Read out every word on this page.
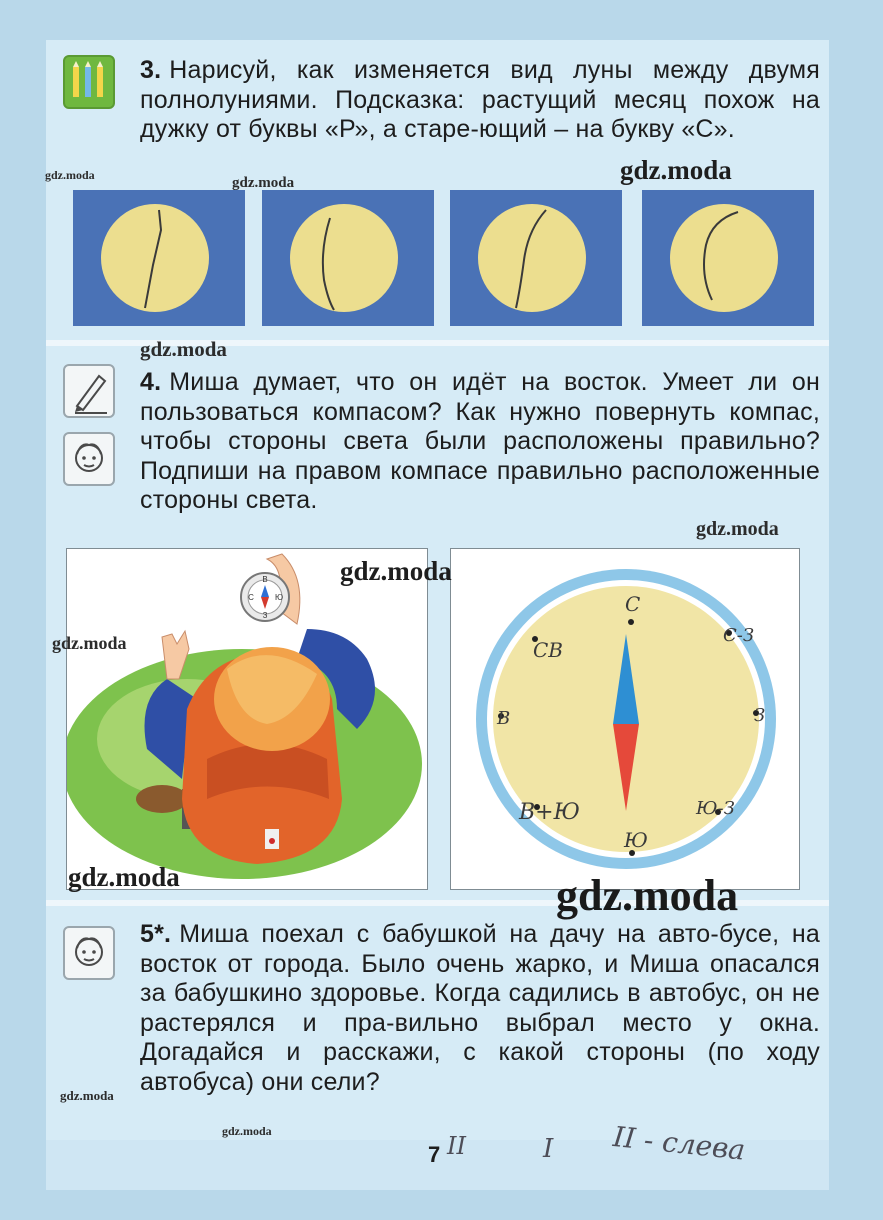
3. Нарисуй, как изменяется вид луны между двумя полнолуниями. Подсказка: растущий месяц похож на дужку от буквы «Р», а старе-ющий – на букву «С».

4. Миша думает, что он идёт на восток. Умеет ли он пользоваться компасом? Как нужно повернуть компас, чтобы стороны света были расположены правильно? Подпиши на правом компасе правильно расположенные стороны света.

В
З
С	Ю	С
С-З
З
Ю-З
Ю
В+Ю
В
СВ

5*. Миша поехал с бабушкой на дачу на авто-бусе, на восток от города. Было очень жарко, и Миша опасался за бабушкино здоровье. Когда садились в автобус, он не растерялся и пра-вильно выбрал место у окна. Догадайся и расскажи, с какой стороны (по ходу автобуса) они сели?

7 II	I II - слева
gdz.moda	gdz.moda	gdz.moda
gdz.moda
gdz.moda
gdz.moda
gdz.moda
gdz.moda	gdz.moda
gdz.moda
gdz.moda
